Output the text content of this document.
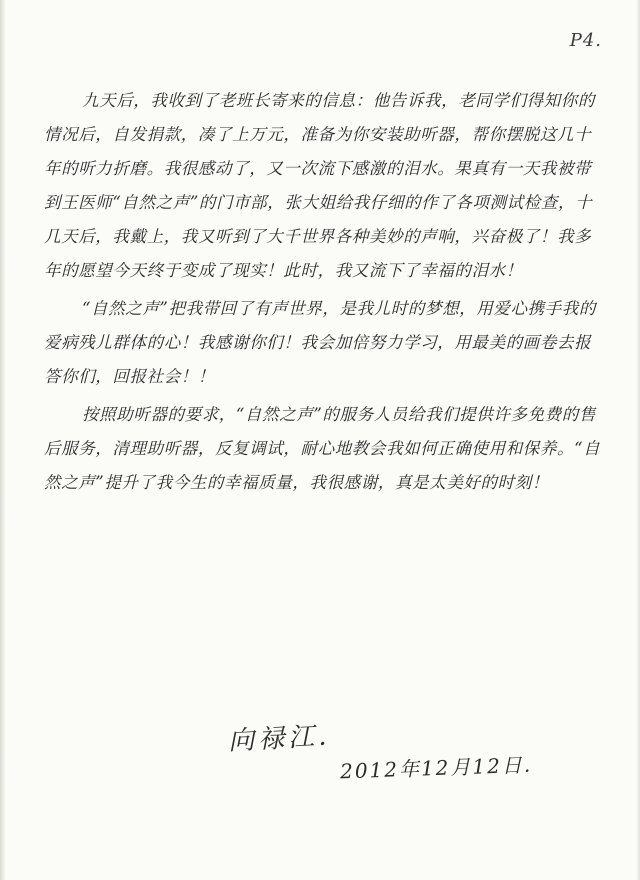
P4.

九天后，我收到了老班长寄来的信息：他告诉我，老同学们得知你的情况后，自发捐款，凑了上万元，准备为你安装助听器，帮你摆脱这几十年的听力折磨。我很感动了，又一次流下感激的泪水。果真有一天我被带到王医师“自然之声”的门市部，张大姐给我仔细的作了各项测试检查，十几天后，我戴上，我又听到了大千世界各种美妙的声响，兴奋极了！我多年的愿望今天终于变成了现实！此时，我又流下了幸福的泪水！

“自然之声”把我带回了有声世界，是我儿时的梦想，用爱心携手我的爱病残儿群体的心！我感谢你们！我会加倍努力学习，用最美的画卷去报答你们，回报社会！！

按照助听器的要求，“自然之声”的服务人员给我们提供许多免费的售后服务，清理助听器，反复调试，耐心地教会我如何正确使用和保养。“自然之声”提升了我今生的幸福质量，我很感谢，真是太美好的时刻！

向禄江.
2012年12月12日.
